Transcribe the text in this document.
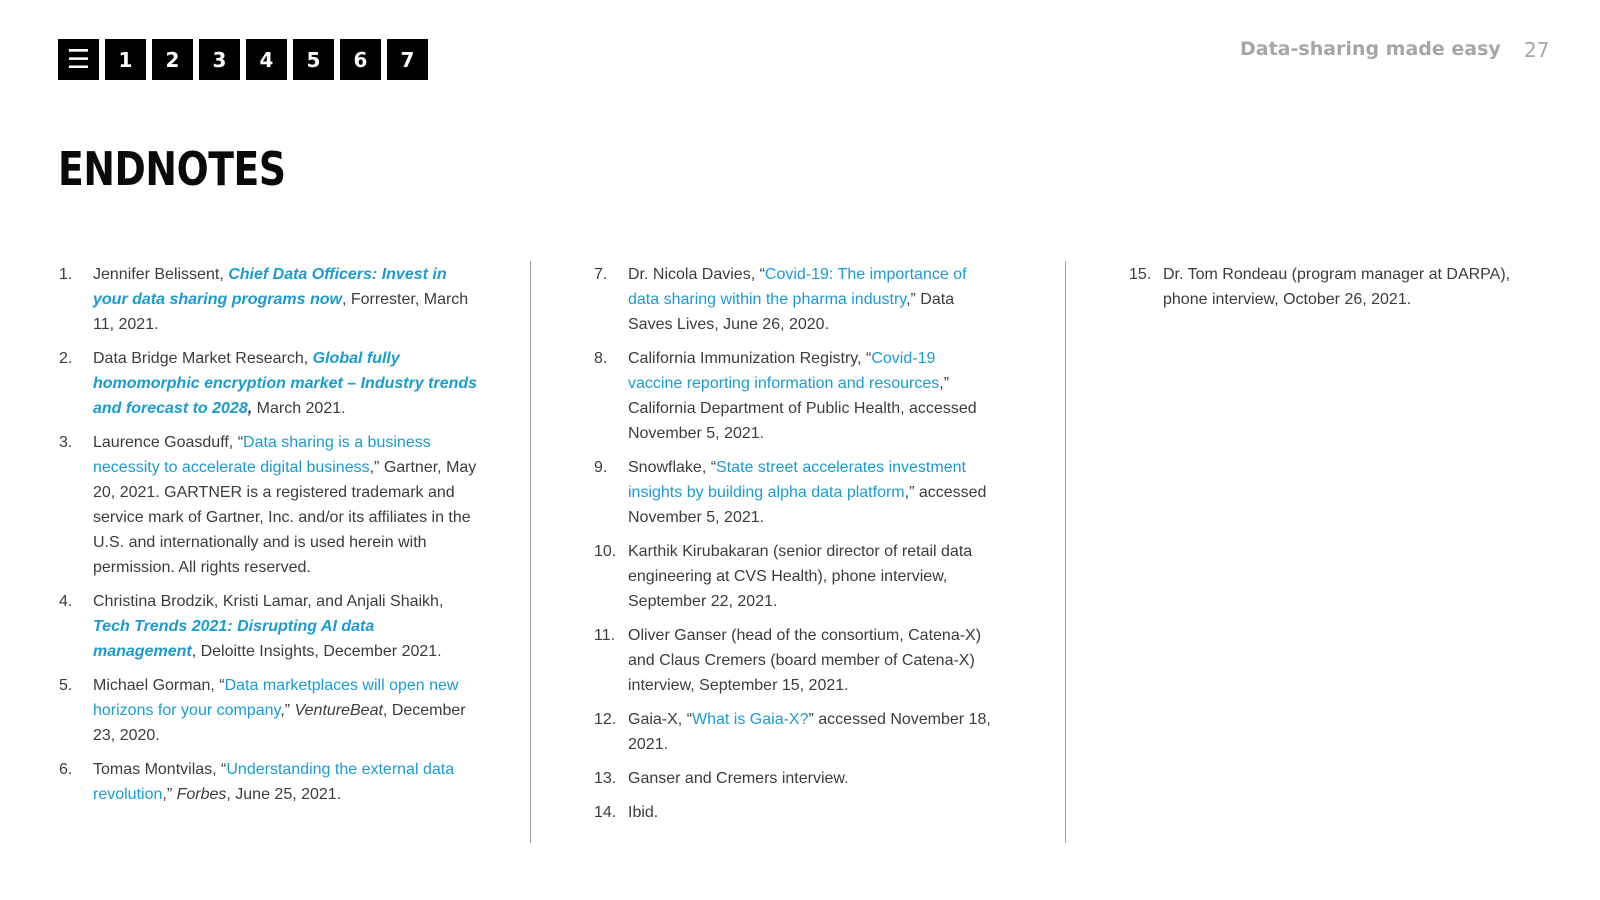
☰	1	2	3	4	5	6	7	Data-sharing made easy 27
ENDNOTES
1. Jennifer Belissent, Chief Data Officers: Invest in your data sharing programs now, Forrester, March 11, 2021.
2. Data Bridge Market Research, Global fully homomorphic encryption market – Industry trends and forecast to 2028, March 2021.
3. Laurence Goasduff, “Data sharing is a business necessity to accelerate digital business,” Gartner, May 20, 2021. GARTNER is a registered trademark and service mark of Gartner, Inc. and/or its affiliates in the U.S. and internationally and is used herein with permission. All rights reserved.
4. Christina Brodzik, Kristi Lamar, and Anjali Shaikh, Tech Trends 2021: Disrupting AI data management, Deloitte Insights, December 2021.
5. Michael Gorman, “Data marketplaces will open new horizons for your company,” VentureBeat, December 23, 2020.
6. Tomas Montvilas, “Understanding the external data revolution,” Forbes, June 25, 2021.
7. Dr. Nicola Davies, “Covid-19: The importance of data sharing within the pharma industry,” Data Saves Lives, June 26, 2020.
8. California Immunization Registry, “Covid-19 vaccine reporting information and resources,” California Department of Public Health, accessed November 5, 2021.
9. Snowflake, “State street accelerates investment insights by building alpha data platform,” accessed November 5, 2021.
10. Karthik Kirubakaran (senior director of retail data engineering at CVS Health), phone interview, September 22, 2021.
11. Oliver Ganser (head of the consortium, Catena-X) and Claus Cremers (board member of Catena-X) interview, September 15, 2021.
12. Gaia-X, “What is Gaia-X?” accessed November 18, 2021.
13. Ganser and Cremers interview.
14. Ibid.
15. Dr. Tom Rondeau (program manager at DARPA), phone interview, October 26, 2021.
